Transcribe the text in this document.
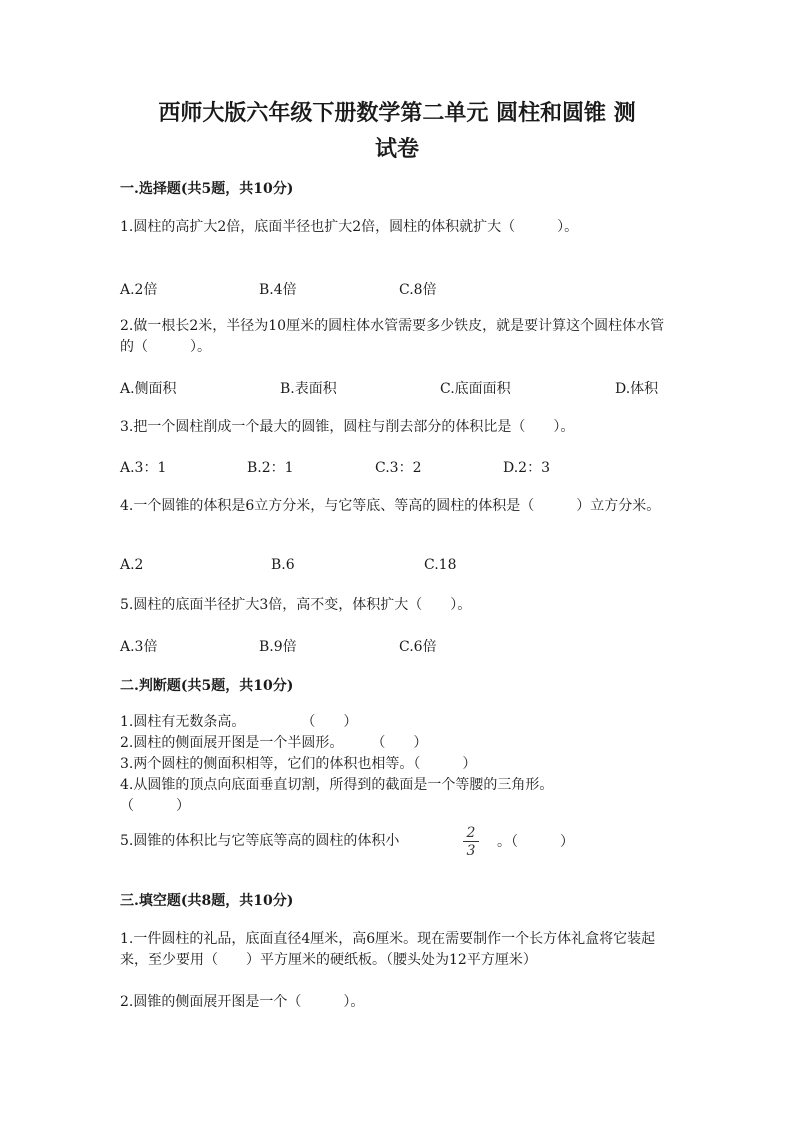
西师大版六年级下册数学第二单元 圆柱和圆锥 测
试卷
一.选择题(共5题，共10分)
1.圆柱的高扩大2倍，底面半径也扩大2倍，圆柱的体积就扩大（　　　）。
A.2倍	B.4倍	C.8倍
2.做一根长2米，半径为10厘米的圆柱体水管需要多少铁皮，就是要计算这个圆柱体水管的（　　　）。
A.侧面积	B.表面积	C.底面面积	D.体积
3.把一个圆柱削成一个最大的圆锥，圆柱与削去部分的体积比是（　　）。
A.3：1	B.2：1	C.3：2	D.2：3
4.一个圆锥的体积是6立方分米，与它等底、等高的圆柱的体积是（　　　）立方分米。
A.2	B.6	C.18
5.圆柱的底面半径扩大3倍，高不变，体积扩大（　　）。
A.3倍	B.9倍	C.6倍
二.判断题(共5题，共10分)
1.圆柱有无数条高。　　　　　（　　）
2.圆柱的侧面展开图是一个半圆形。　　　（　　）
3.两个圆柱的侧面积相等，它们的体积也相等。（　　　）
4.从圆锥的顶点向底面垂直切割，所得到的截面是一个等腰的三角形。
（　　　）
5.圆锥的体积比与它等底等高的圆柱的体积小	2
3
。（　　　）
三.填空题(共8题，共10分)
1.一件圆柱的礼品，底面直径4厘米，高6厘米。现在需要制作一个长方体礼盒将它装起来，至少要用（　　）平方厘米的硬纸板。（腰头处为12平方厘米）
2.圆锥的侧面展开图是一个（　　　）。
